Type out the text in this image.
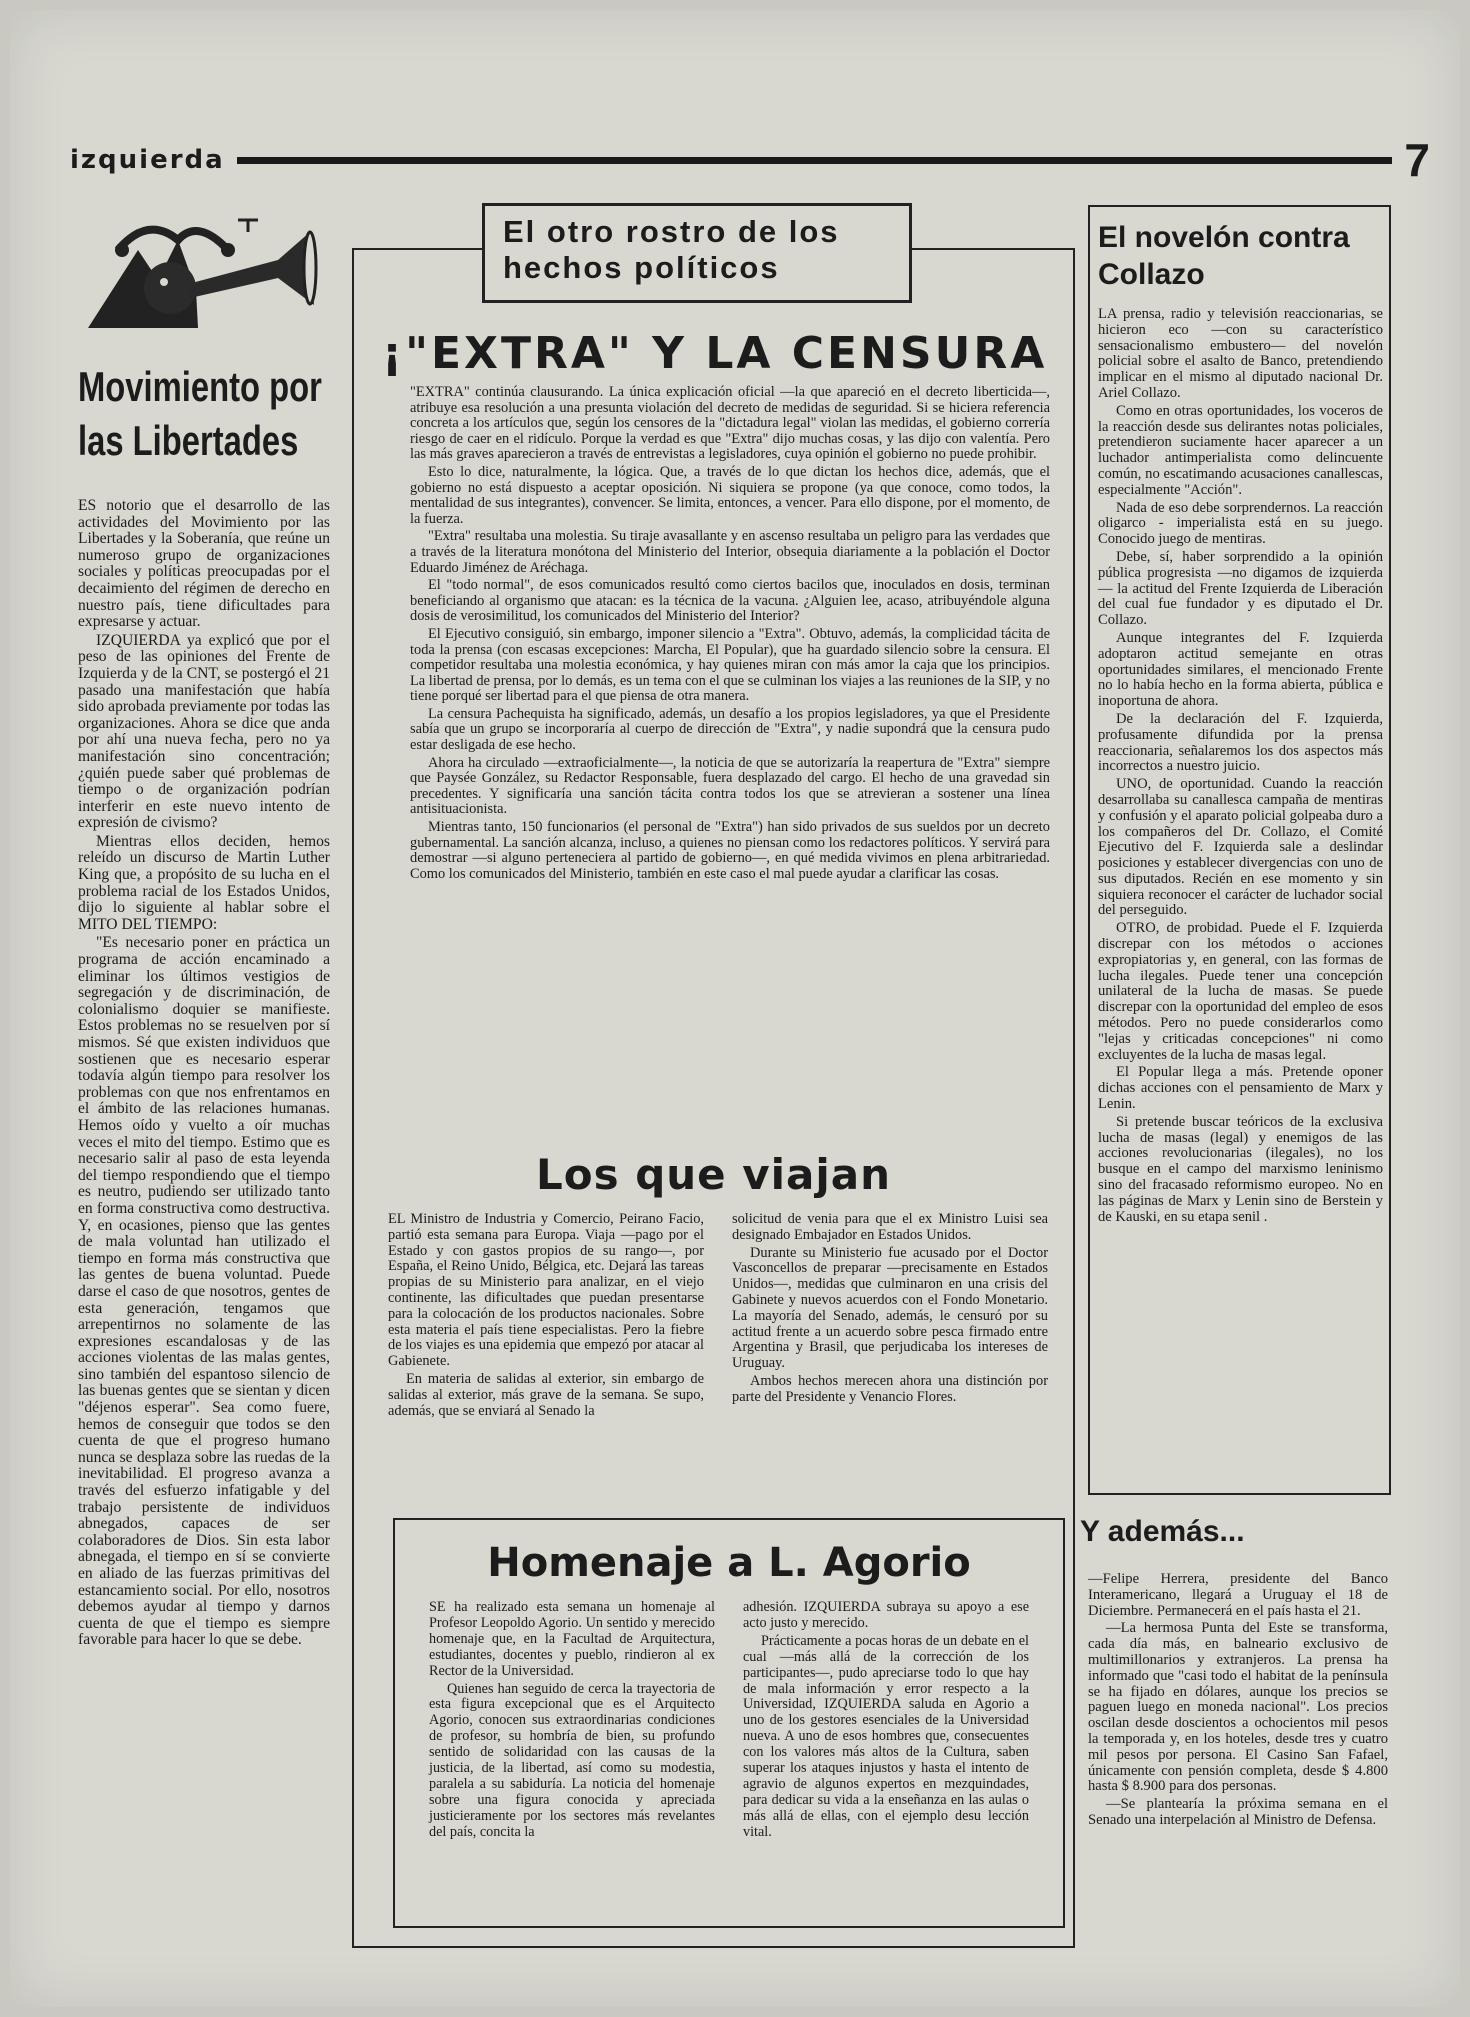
izquierda	7
Movimiento por las Libertades

ES notorio que el desarrollo de las actividades del Movimiento por las Libertades y la Soberanía, que reúne un numeroso grupo de organizaciones sociales y políticas preocupadas por el decaimiento del régimen de derecho en nuestro país, tiene dificultades para expresarse y actuar.

IZQUIERDA ya explicó que por el peso de las opiniones del Frente de Izquierda y de la CNT, se postergó el 21 pasado una manifestación que había sido aprobada previamente por todas las organizaciones. Ahora se dice que anda por ahí una nueva fecha, pero no ya manifestación sino concentración; ¿quién puede saber qué problemas de tiempo o de organización podrían interferir en este nuevo intento de expresión de civismo?

Mientras ellos deciden, hemos releído un discurso de Martin Luther King que, a propósito de su lucha en el problema racial de los Estados Unidos, dijo lo siguiente al hablar sobre el MITO DEL TIEMPO:

"Es necesario poner en práctica un programa de acción encaminado a eliminar los últimos vestigios de segregación y de discriminación, de colonialismo doquier se manifieste. Estos problemas no se resuelven por sí mismos. Sé que existen individuos que sostienen que es necesario esperar todavía algún tiempo para resolver los problemas con que nos enfrentamos en el ámbito de las relaciones humanas. Hemos oído y vuelto a oír muchas veces el mito del tiempo. Estimo que es necesario salir al paso de esta leyenda del tiempo respondiendo que el tiempo es neutro, pudiendo ser utilizado tanto en forma constructiva como destructiva. Y, en ocasiones, pienso que las gentes de mala voluntad han utilizado el tiempo en forma más constructiva que las gentes de buena voluntad. Puede darse el caso de que nosotros, gentes de esta generación, tengamos que arrepentirnos no solamente de las expresiones escandalosas y de las acciones violentas de las malas gentes, sino también del espantoso silencio de las buenas gentes que se sientan y dicen "déjenos esperar". Sea como fuere, hemos de conseguir que todos se den cuenta de que el progreso humano nunca se desplaza sobre las ruedas de la inevitabilidad. El progreso avanza a través del esfuerzo infatigable y del trabajo persistente de individuos abnegados, capaces de ser colaboradores de Dios. Sin esta labor abnegada, el tiempo en sí se convierte en aliado de las fuerzas primitivas del estancamiento social. Por ello, nosotros debemos ayudar al tiempo y darnos cuenta de que el tiempo es siempre favorable para hacer lo que se debe.

El otro rostro de los hechos políticos
¡"EXTRA" Y LA CENSURA

"EXTRA" continúa clausurando. La única explicación oficial —la que apareció en el decreto liberticida—, atribuye esa resolución a una presunta violación del decreto de medidas de seguridad. Si se hiciera referencia concreta a los artículos que, según los censores de la "dictadura legal" violan las medidas, el gobierno correría riesgo de caer en el ridículo. Porque la verdad es que "Extra" dijo muchas cosas, y las dijo con valentía. Pero las más graves aparecieron a través de entrevistas a legisladores, cuya opinión el gobierno no puede prohibir.

Esto lo dice, naturalmente, la lógica. Que, a través de lo que dictan los hechos dice, además, que el gobierno no está dispuesto a aceptar oposición. Ni siquiera se propone (ya que conoce, como todos, la mentalidad de sus integrantes), convencer. Se limita, entonces, a vencer. Para ello dispone, por el momento, de la fuerza.

"Extra" resultaba una molestia. Su tiraje avasallante y en ascenso resultaba un peligro para las verdades que a través de la literatura monótona del Ministerio del Interior, obsequia diariamente a la población el Doctor Eduardo Jiménez de Aréchaga.

El "todo normal", de esos comunicados resultó como ciertos bacilos que, inoculados en dosis, terminan beneficiando al organismo que atacan: es la técnica de la vacuna. ¿Alguien lee, acaso, atribuyéndole alguna dosis de verosimilitud, los comunicados del Ministerio del Interior?

El Ejecutivo consiguió, sin embargo, imponer silencio a "Extra". Obtuvo, además, la complicidad tácita de toda la prensa (con escasas excepciones: Marcha, El Popular), que ha guardado silencio sobre la censura. El competidor resultaba una molestia económica, y hay quienes miran con más amor la caja que los principios. La libertad de prensa, por lo demás, es un tema con el que se culminan los viajes a las reuniones de la SIP, y no tiene porqué ser libertad para el que piensa de otra manera.

La censura Pachequista ha significado, además, un desafío a los propios legisladores, ya que el Presidente sabía que un grupo se incorporaría al cuerpo de dirección de "Extra", y nadie supondrá que la censura pudo estar desligada de ese hecho.

Ahora ha circulado —extraoficialmente—, la noticia de que se autorizaría la reapertura de "Extra" siempre que Paysée González, su Redactor Responsable, fuera desplazado del cargo. El hecho de una gravedad sin precedentes. Y significaría una sanción tácita contra todos los que se atrevieran a sostener una línea antisituacionista.

Mientras tanto, 150 funcionarios (el personal de "Extra") han sido privados de sus sueldos por un decreto gubernamental. La sanción alcanza, incluso, a quienes no piensan como los redactores políticos. Y servirá para demostrar —si alguno perteneciera al partido de gobierno—, en qué medida vivimos en plena arbitrariedad. Como los comunicados del Ministerio, también en este caso el mal puede ayudar a clarificar las cosas.

Los que viajan

EL Ministro de Industria y Comercio, Peirano Facio, partió esta semana para Europa. Viaja —pago por el Estado y con gastos propios de su rango—, por España, el Reino Unido, Bélgica, etc. Dejará las tareas propias de su Ministerio para analizar, en el viejo continente, las dificultades que puedan presentarse para la colocación de los productos nacionales. Sobre esta materia el país tiene especialistas. Pero la fiebre de los viajes es una epidemia que empezó por atacar al Gabienete.

En materia de salidas al exterior, sin embargo de salidas al exterior, más grave de la semana. Se supo, además, que se enviará al Senado la

solicitud de venia para que el ex Ministro Luisi sea designado Embajador en Estados Unidos.

Durante su Ministerio fue acusado por el Doctor Vasconcellos de preparar —precisamente en Estados Unidos—, medidas que culminaron en una crisis del Gabinete y nuevos acuerdos con el Fondo Monetario. La mayoría del Senado, además, le censuró por su actitud frente a un acuerdo sobre pesca firmado entre Argentina y Brasil, que perjudicaba los intereses de Uruguay.

Ambos hechos merecen ahora una distinción por parte del Presidente y Venancio Flores.

Homenaje a L. Agorio

SE ha realizado esta semana un homenaje al Profesor Leopoldo Agorio. Un sentido y merecido homenaje que, en la Facultad de Arquitectura, estudiantes, docentes y pueblo, rindieron al ex Rector de la Universidad.

Quienes han seguido de cerca la trayectoria de esta figura excepcional que es el Arquitecto Agorio, conocen sus extraordinarias condiciones de profesor, su hombría de bien, su profundo sentido de solidaridad con las causas de la justicia, de la libertad, así como su modestia, paralela a su sabiduría. La noticia del homenaje sobre una figura conocida y apreciada justicieramente por los sectores más revelantes del país, concita la

adhesión. IZQUIERDA subraya su apoyo a ese acto justo y merecido.

Prácticamente a pocas horas de un debate en el cual —más allá de la corrección de los participantes—, pudo apreciarse todo lo que hay de mala información y error respecto a la Universidad, IZQUIERDA saluda en Agorio a uno de los gestores esenciales de la Universidad nueva. A uno de esos hombres que, consecuentes con los valores más altos de la Cultura, saben superar los ataques injustos y hasta el intento de agravio de algunos expertos en mezquindades, para dedicar su vida a la enseñanza en las aulas o más allá de ellas, con el ejemplo desu lección vital.

El novelón contra Collazo

LA prensa, radio y televisión reaccionarias, se hicieron eco —con su característico sensacionalismo embustero— del novelón policial sobre el asalto de Banco, pretendiendo implicar en el mismo al diputado nacional Dr. Ariel Collazo.

Como en otras oportunidades, los voceros de la reacción desde sus delirantes notas policiales, pretendieron suciamente hacer aparecer a un luchador antimperialista como delincuente común, no escatimando acusaciones canallescas, especialmente "Acción".

Nada de eso debe sorprendernos. La reacción oligarco - imperialista está en su juego. Conocido juego de mentiras.

Debe, sí, haber sorprendido a la opinión pública progresista —no digamos de izquierda— la actitud del Frente Izquierda de Liberación del cual fue fundador y es diputado el Dr. Collazo.

Aunque integrantes del F. Izquierda adoptaron actitud semejante en otras oportunidades similares, el mencionado Frente no lo había hecho en la forma abierta, pública e inoportuna de ahora.

De la declaración del F. Izquierda, profusamente difundida por la prensa reaccionaria, señalaremos los dos aspectos más incorrectos a nuestro juicio.

UNO, de oportunidad. Cuando la reacción desarrollaba su canallesca campaña de mentiras y confusión y el aparato policial golpeaba duro a los compañeros del Dr. Collazo, el Comité Ejecutivo del F. Izquierda sale a deslindar posiciones y establecer divergencias con uno de sus diputados. Recién en ese momento y sin siquiera reconocer el carácter de luchador social del perseguido.

OTRO, de probidad. Puede el F. Izquierda discrepar con los métodos o acciones expropiatorias y, en general, con las formas de lucha ilegales. Puede tener una concepción unilateral de la lucha de masas. Se puede discrepar con la oportunidad del empleo de esos métodos. Pero no puede considerarlos como "lejas y criticadas concepciones" ni como excluyentes de la lucha de masas legal.

El Popular llega a más. Pretende oponer dichas acciones con el pensamiento de Marx y Lenin.

Si pretende buscar teóricos de la exclusiva lucha de masas (legal) y enemigos de las acciones revolucionarias (ilegales), no los busque en el campo del marxismo leninismo sino del fracasado reformismo europeo. No en las páginas de Marx y Lenin sino de Berstein y de Kauski, en su etapa senil .

Y además...

—Felipe Herrera, presidente del Banco Interamericano, llegará a Uruguay el 18 de Diciembre. Permanecerá en el país hasta el 21.

—La hermosa Punta del Este se transforma, cada día más, en balneario exclusivo de multimillonarios y extranjeros. La prensa ha informado que "casi todo el habitat de la península se ha fijado en dólares, aunque los precios se paguen luego en moneda nacional". Los precios oscilan desde doscientos a ochocientos mil pesos la temporada y, en los hoteles, desde tres y cuatro mil pesos por persona. El Casino San Fafael, únicamente con pensión completa, desde $ 4.800 hasta $ 8.900 para dos personas.

—Se plantearía la próxima semana en el Senado una interpelación al Ministro de Defensa.
